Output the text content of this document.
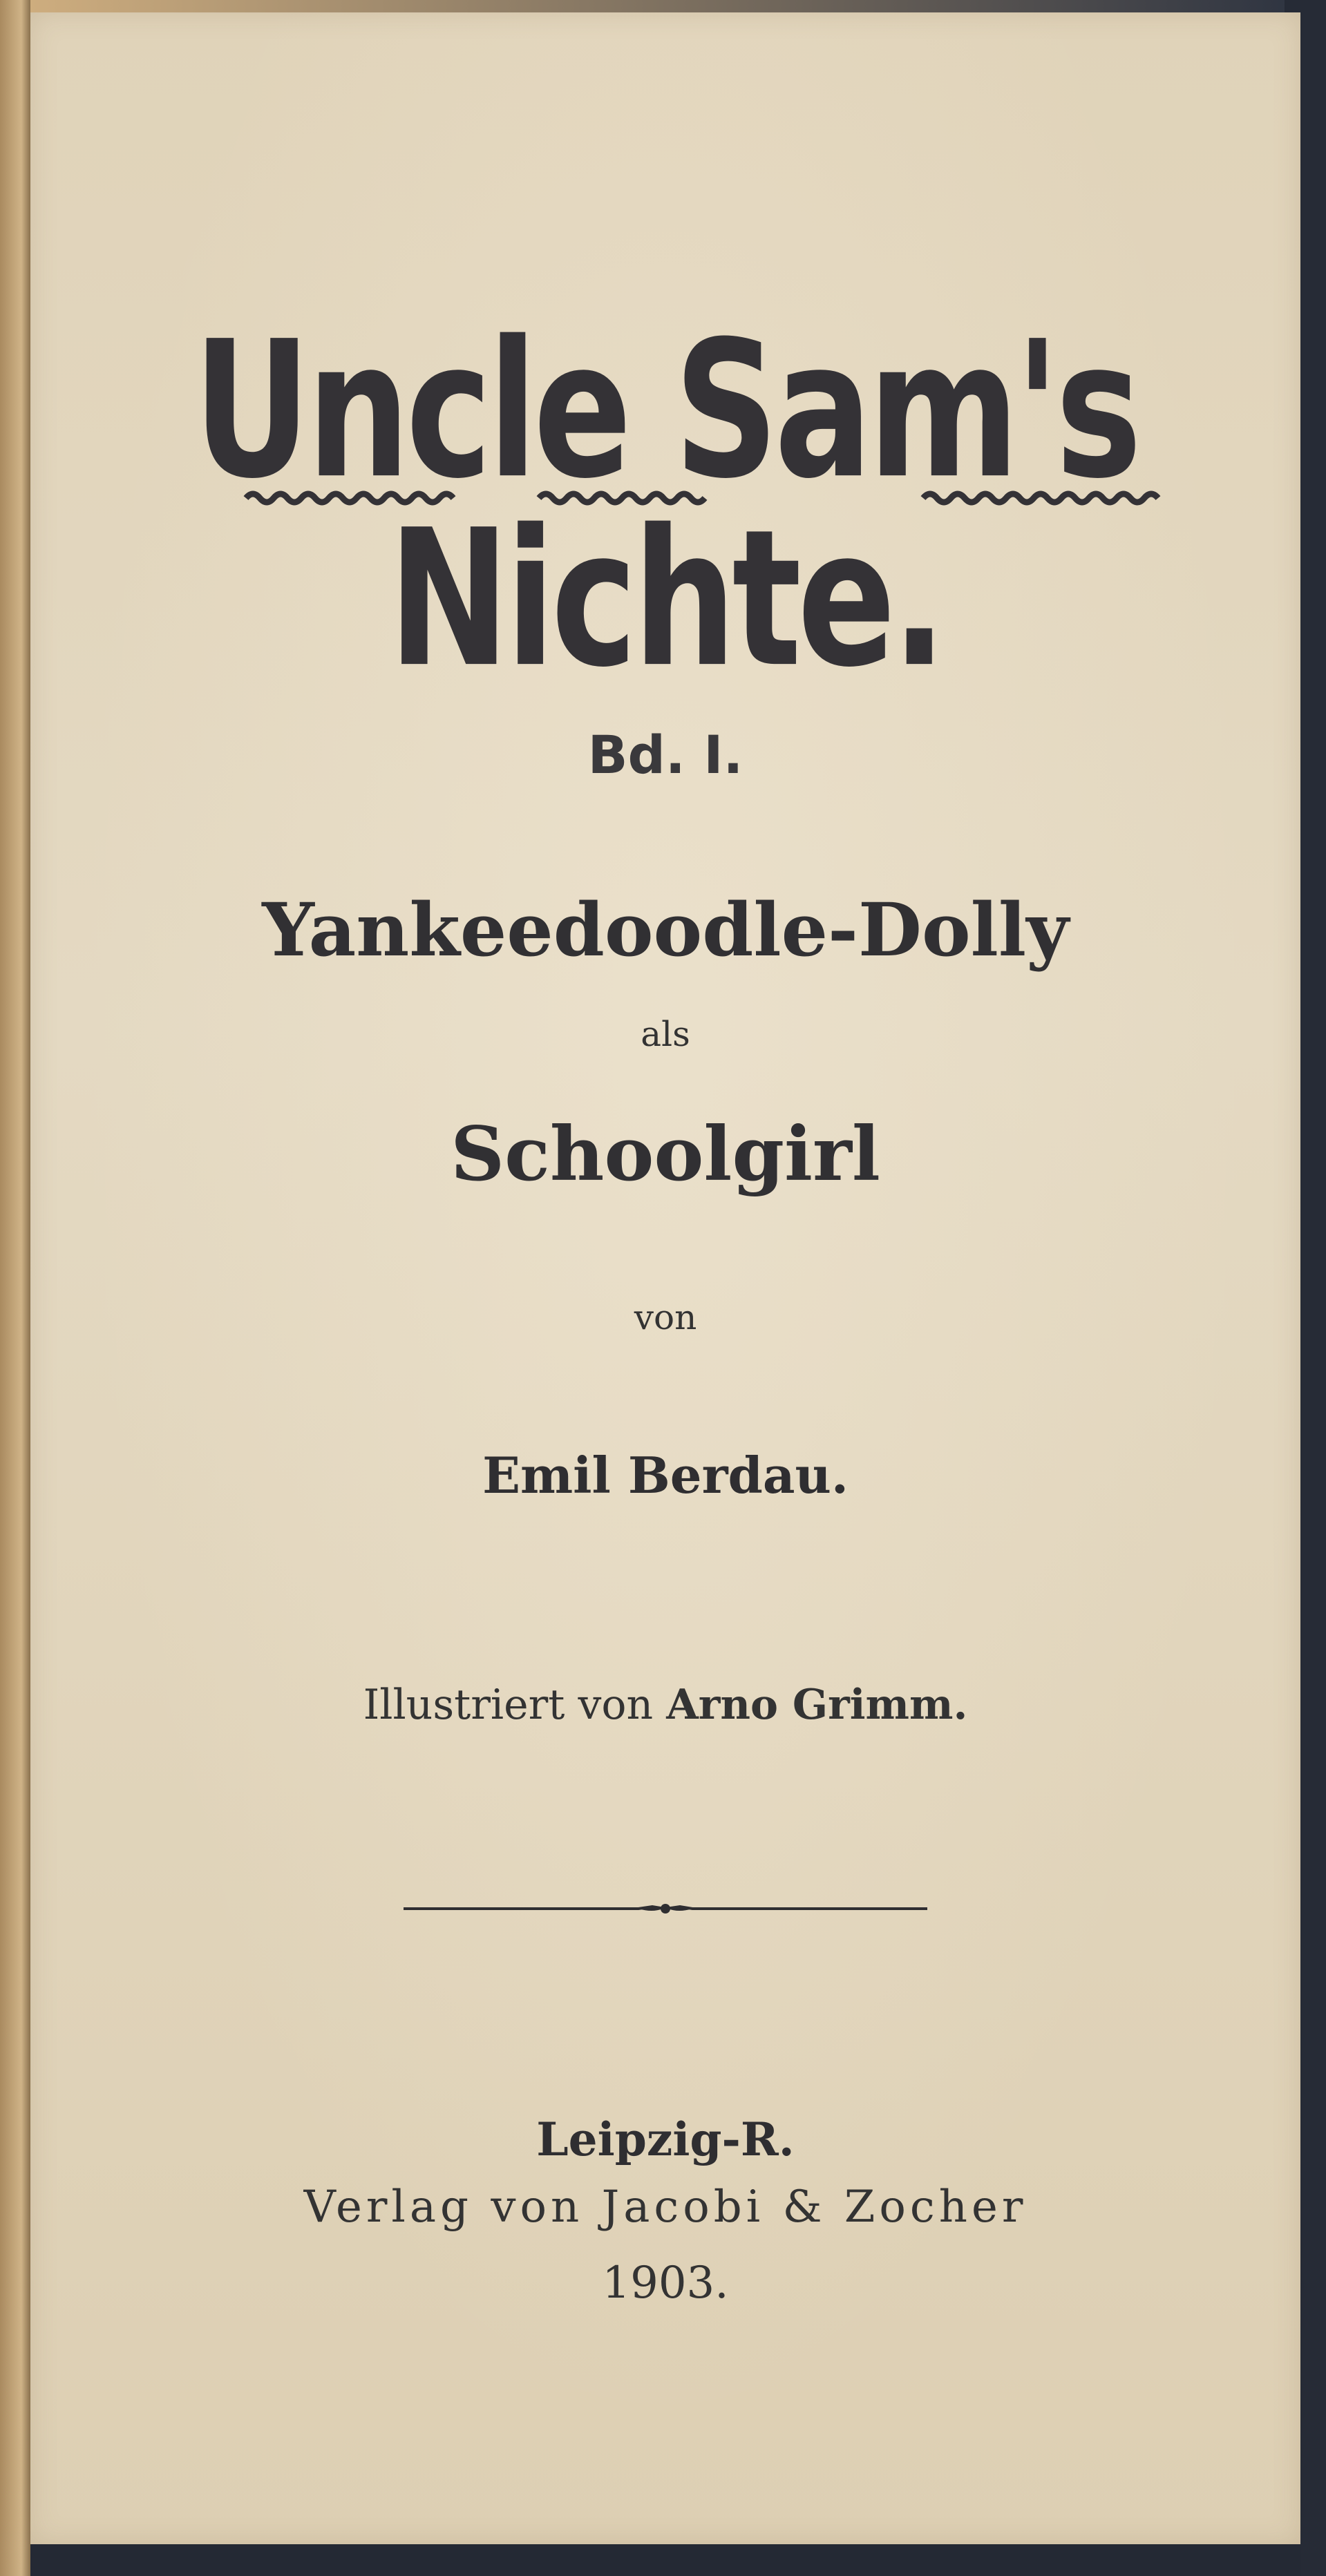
Uncle Sam's Nichte.
Bd. I.
Yankeedoodle-Dolly
als
Schoolgirl
von
Emil Berdau.
Illustriert von Arno Grimm.
Leipzig-R.
Verlag von Jacobi & Zocher
1903.
